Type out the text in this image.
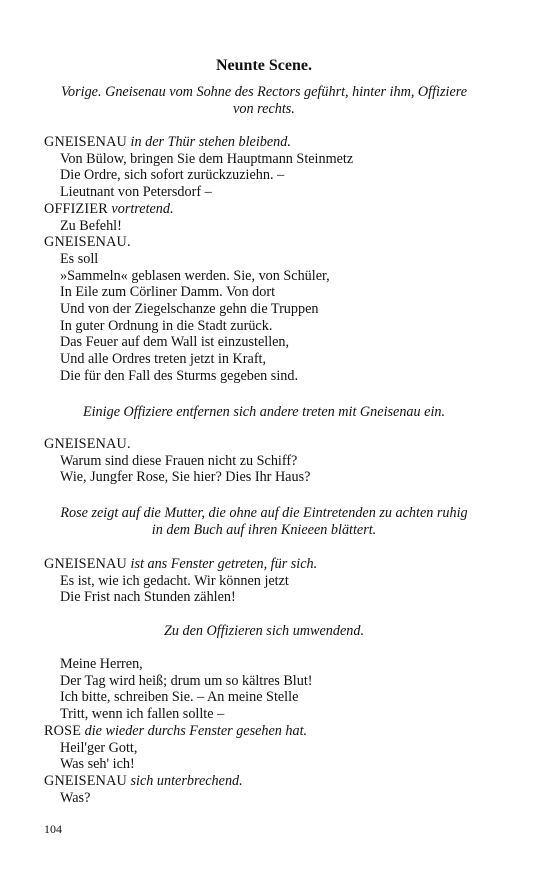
Neunte Scene.
Vorige. Gneisenau vom Sohne des Rectors geführt, hinter ihm, Offiziere
von rechts.
GNEISENAU in der Thür stehen bleibend.
Von Bülow, bringen Sie dem Hauptmann Steinmetz
Die Ordre, sich sofort zurückzuziehn. –
Lieutnant von Petersdorf –
OFFIZIER vortretend.
Zu Befehl!
GNEISENAU.
Es soll
»Sammeln« geblasen werden. Sie, von Schüler,
In Eile zum Cörliner Damm. Von dort
Und von der Ziegelschanze gehn die Truppen
In guter Ordnung in die Stadt zurück.
Das Feuer auf dem Wall ist einzustellen,
Und alle Ordres treten jetzt in Kraft,
Die für den Fall des Sturms gegeben sind.
Einige Offiziere entfernen sich andere treten mit Gneisenau ein.
GNEISENAU.
Warum sind diese Frauen nicht zu Schiff?
Wie, Jungfer Rose, Sie hier? Dies Ihr Haus?
Rose zeigt auf die Mutter, die ohne auf die Eintretenden zu achten ruhig
in dem Buch auf ihren Knieeen blättert.
GNEISENAU ist ans Fenster getreten, für sich.
Es ist, wie ich gedacht. Wir können jetzt
Die Frist nach Stunden zählen!
Zu den Offizieren sich umwendend.
Meine Herren,
Der Tag wird heiß; drum um so kältres Blut!
Ich bitte, schreiben Sie. – An meine Stelle
Tritt, wenn ich fallen sollte –
ROSE die wieder durchs Fenster gesehen hat.
Heil'ger Gott,
Was seh' ich!
GNEISENAU sich unterbrechend.
Was?
104
